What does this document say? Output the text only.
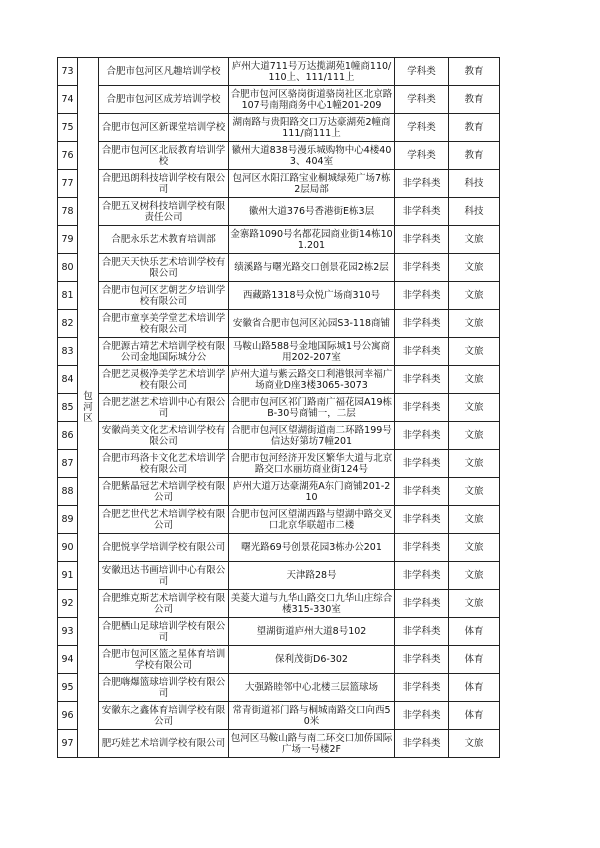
73	包河区	合肥市包河区凡趣培训学校	庐州大道711号万达揽湖苑1幢商110/110上、111/111上	学科类	教育
74		合肥市包河区成芳培训学校	合肥市包河区骆岗街道骆岗社区北京路107号南翔商务中心1幢201-209	学科类	教育
75		合肥市包河区新课堂培训学校	湖南路与贵阳路交口万达豪湖苑2幢商111/商111上	学科类	教育
76		合肥市包河区北辰教育培训学校	徽州大道838号漫乐城购物中心4楼403、404室	学科类	教育
77		合肥迅朗科技培训学校有限公司	包河区水阳江路宝业桐城绿苑广场7栋2层局部	非学科类	科技
78		合肥五叉树科技培训学校有限责任公司	徽州大道376号香港街E栋3层	非学科类	科技
79		合肥永乐艺术教育培训部	金寨路1090号名都花园商业街14栋101.201	非学科类	文旅
80		合肥天天快乐艺术培训学校有限公司	绩溪路与曙光路交口创景花园2栋2层	非学科类	文旅
81		合肥市包河区艺朝艺夕培训学校有限公司	西藏路1318号众悦广场商310号	非学科类	文旅
82		合肥市童享美学堂艺术培训学校有限公司	安徽省合肥市包河区沁园S3-118商铺	非学科类	文旅
83		合肥源古靖艺术培训学校有限公司金地国际城分公	马鞍山路588号金地国际城1号公寓商用202-207室	非学科类	文旅
84		合肥艺灵极净美学艺术培训学校有限公司	庐州大道与紫云路交口利港银河幸福广场商业D座3楼3065-3073	非学科类	文旅
85		合肥艺湛艺术培训中心有限公司	合肥市包河区祁门路南广福花园A19栋B-30号商铺一，二层	非学科类	文旅
86		安徽尚美文化艺术培训学校有限公司	合肥市包河区望湖街道南二环路199号信达好第坊7幢201	非学科类	文旅
87		合肥市玛洛卡文化艺术培训学校有限公司	合肥市包河经济开发区繁华大道与北京路交口水丽坊商业街124号	非学科类	文旅
88		合肥紫晶冠艺术培训学校有限公司	庐州大道万达豪湖苑A东门商铺201-210	非学科类	文旅
89		合肥艺世代艺术培训学校有限公司	合肥市包河区望湖西路与望湖中路交叉口北京华联超市二楼	非学科类	文旅
90		合肥悦享学培训学校有限公司	曙光路69号创景花园3栋办公201	非学科类	文旅
91		安徽迅达书画培训中心有限公司	天津路28号	非学科类	文旅
92		合肥维克斯艺术培训学校有限公司	美菱大道与九华山路交口九华山庄综合楼315-330室	非学科类	文旅
93		合肥栖山足球培训学校有限公司	望湖街道庐州大道8号102	非学科类	体育
94		合肥市包河区篮之星体育培训学校有限公司	保利茂街D6-302	非学科类	体育
95		合肥嗨爆篮球培训学校有限公司	大强路睦邻中心北楼三层篮球场	非学科类	体育
96		安徽东之鑫体育培训学校有限公司	常青街道祁门路与桐城南路交口向西50米	非学科类	体育
97		肥巧娃艺术培训学校有限公司	包河区马鞍山路与南二环交口加侨国际广场一号楼2F	非学科类	文旅
